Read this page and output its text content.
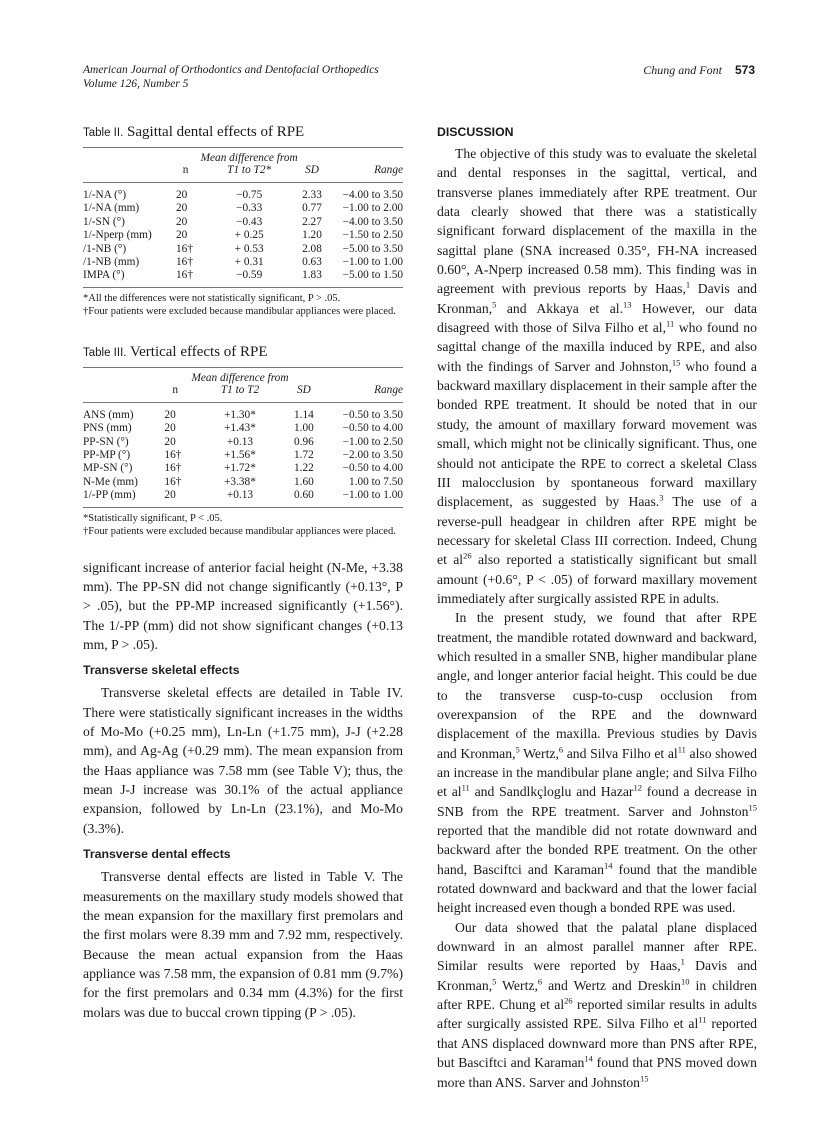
American Journal of Orthodontics and Dentofacial Orthopedics
Volume 126, Number 5
Chung and Font 573
Table II. Sagittal dental effects of RPE
	n	Mean difference from T1 to T2*	SD	Range
1/-NA (°)	20	−0.75	2.33	−4.00 to 3.50
1/-NA (mm)	20	−0.33	0.77	−1.00 to 2.00
1/-SN (°)	20	−0.43	2.27	−4.00 to 3.50
1/-Nperp (mm)	20	+ 0.25	1.20	−1.50 to 2.50
/1-NB (°)	16†	+ 0.53	2.08	−5.00 to 3.50
/1-NB (mm)	16†	+ 0.31	0.63	−1.00 to 1.00
IMPA (°)	16†	−0.59	1.83	−5.00 to 1.50
*All the differences were not statistically significant, P > .05.
†Four patients were excluded because mandibular appliances were placed.
Table III. Vertical effects of RPE
	n	Mean difference from T1 to T2	SD	Range
ANS (mm)	20	+1.30*	1.14	−0.50 to 3.50
PNS (mm)	20	+1.43*	1.00	−0.50 to 4.00
PP-SN (°)	20	+0.13	0.96	−1.00 to 2.50
PP-MP (°)	16†	+1.56*	1.72	−2.00 to 3.50
MP-SN (°)	16†	+1.72*	1.22	−0.50 to 4.00
N-Me (mm)	16†	+3.38*	1.60	1.00 to 7.50
1/-PP (mm)	20	+0.13	0.60	−1.00 to 1.00
*Statistically significant, P < .05.
†Four patients were excluded because mandibular appliances were placed.

significant increase of anterior facial height (N-Me, +3.38 mm). The PP-SN did not change significantly (+0.13°, P > .05), but the PP-MP increased significantly (+1.56°). The 1/-PP (mm) did not show significant changes (+0.13 mm, P > .05).

Transverse skeletal effects

Transverse skeletal effects are detailed in Table IV. There were statistically significant increases in the widths of Mo-Mo (+0.25 mm), Ln-Ln (+1.75 mm), J-J (+2.28 mm), and Ag-Ag (+0.29 mm). The mean expansion from the Haas appliance was 7.58 mm (see Table V); thus, the mean J-J increase was 30.1% of the actual appliance expansion, followed by Ln-Ln (23.1%), and Mo-Mo (3.3%).

Transverse dental effects

Transverse dental effects are listed in Table V. The measurements on the maxillary study models showed that the mean expansion for the maxillary first premolars and the first molars were 8.39 mm and 7.92 mm, respectively. Because the mean actual expansion from the Haas appliance was 7.58 mm, the expansion of 0.81 mm (9.7%) for the first premolars and 0.34 mm (4.3%) for the first molars was due to buccal crown tipping (P > .05).

DISCUSSION

The objective of this study was to evaluate the skeletal and dental responses in the sagittal, vertical, and transverse planes immediately after RPE treatment. Our data clearly showed that there was a statistically significant forward displacement of the maxilla in the sagittal plane (SNA increased 0.35°, FH-NA increased 0.60°, A-Nperp increased 0.58 mm). This finding was in agreement with previous reports by Haas,$^1$ Davis and Kronman,$^5$ and Akkaya et al.$^{13}$ However, our data disagreed with those of Silva Filho et al,$^{11}$ who found no sagittal change of the maxilla induced by RPE, and also with the findings of Sarver and Johnston,$^{15}$ who found a backward maxillary displacement in their sample after the bonded RPE treatment. It should be noted that in our study, the amount of maxillary forward movement was small, which might not be clinically significant. Thus, one should not anticipate the RPE to correct a skeletal Class III malocclusion by spontaneous forward maxillary displacement, as suggested by Haas.$^3$ The use of a reverse-pull headgear in children after RPE might be necessary for skeletal Class III correction. Indeed, Chung et $al^{26}$ also reported a statistically significant but small amount (+0.6°, P < .05) of forward maxillary movement immediately after surgically assisted RPE in adults.

In the present study, we found that after RPE treatment, the mandible rotated downward and backward, which resulted in a smaller SNB, higher mandibular plane angle, and longer anterior facial height. This could be due to the transverse cusp-to-cusp occlusion from overexpansion of the RPE and the downward displacement of the maxilla. Previous studies by Davis and Kronman,$^5$ Wertz,$^6$ and Silva Filho et $al^{11}$ also showed an increase in the mandibular plane angle; and Silva Filho et $al^{11}$ and Sandlkçloglu and Hazar$^{12}$ found a decrease in SNB from the RPE treatment. Sarver and Johnston$^{15}$ reported that the mandible did not rotate downward and backward after the bonded RPE treatment. On the other hand, Basciftci and Karaman$^{14}$ found that the mandible rotated downward and backward and that the lower facial height increased even though a bonded RPE was used.

Our data showed that the palatal plane displaced downward in an almost parallel manner after RPE. Similar results were reported by Haas,$^1$ Davis and Kronman,$^5$ Wertz,$^6$ and Wertz and Dreskin$^{10}$ in children after RPE. Chung et $al^{26}$ reported similar results in adults after surgically assisted RPE. Silva Filho et $al^{11}$ reported that ANS displaced downward more than PNS after RPE, but Basciftci and Karaman$^{14}$ found that PNS moved down more than ANS. Sarver and Johnston$^{15}$
